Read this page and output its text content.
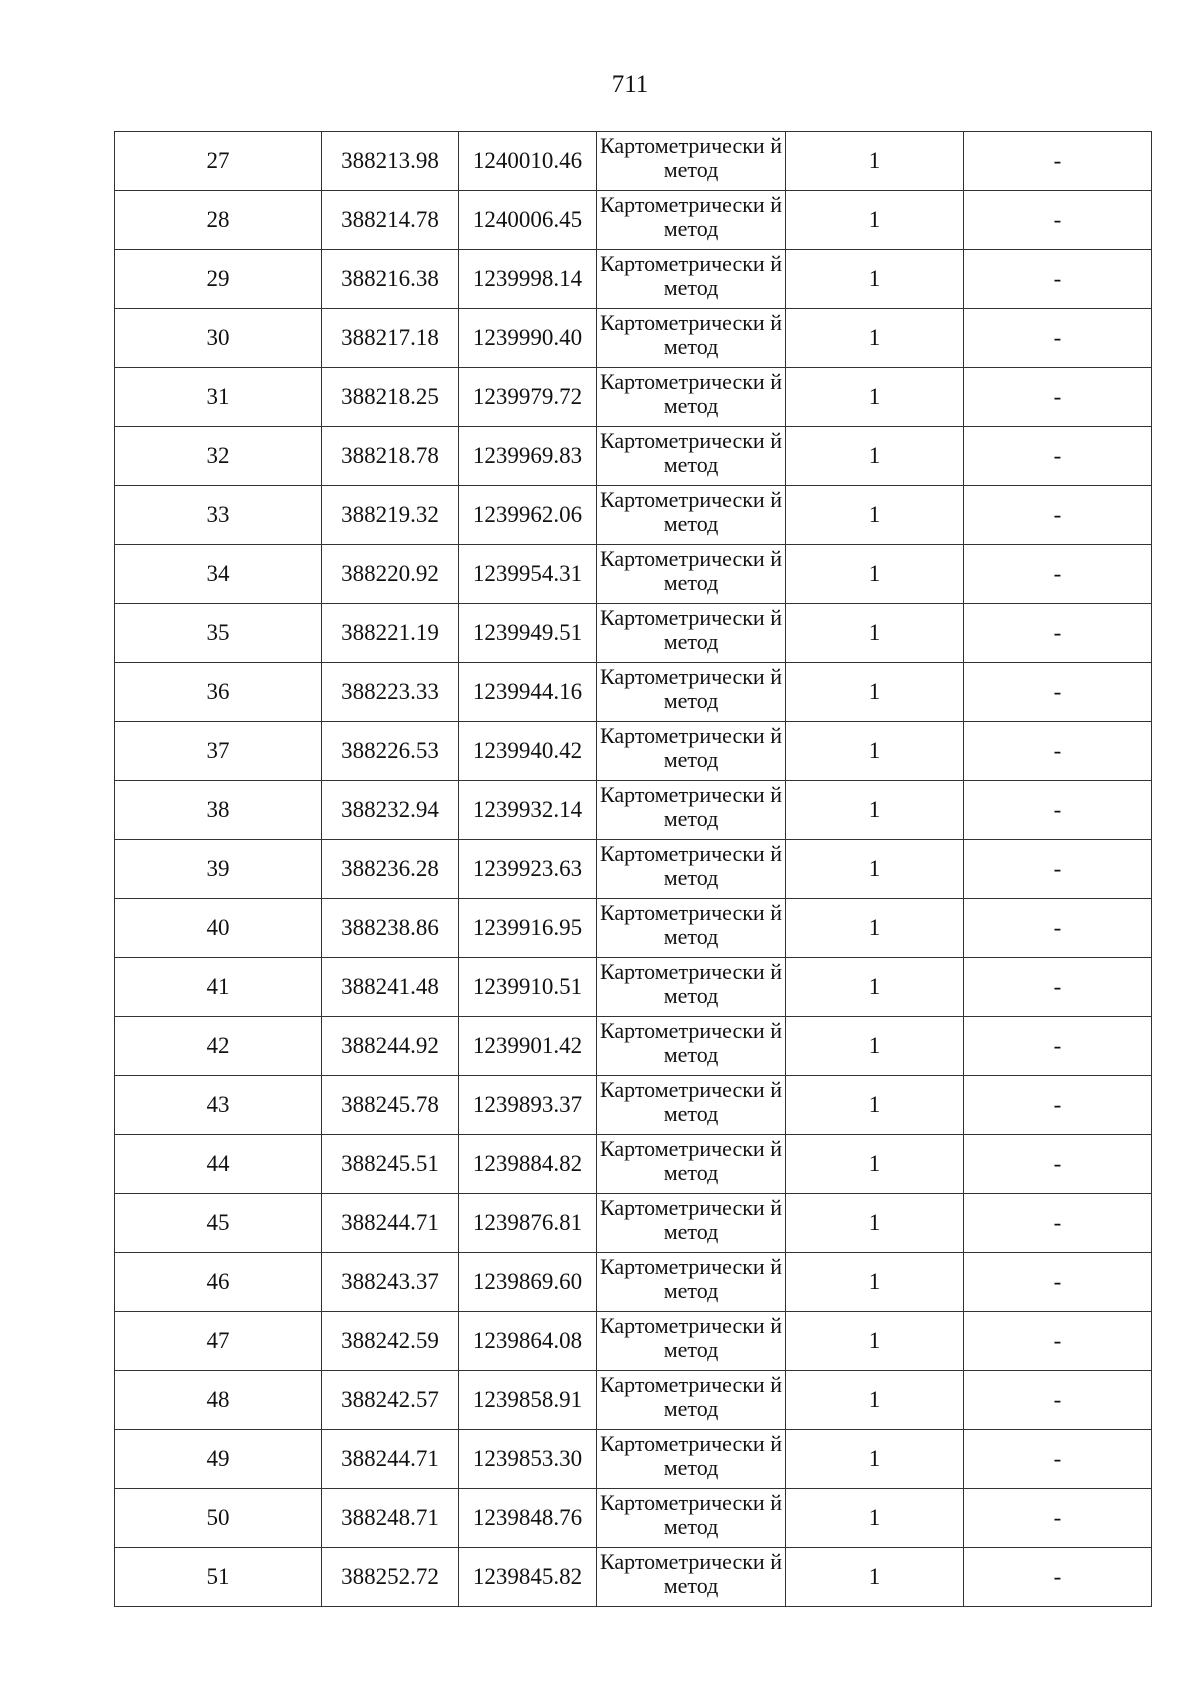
711
27	388213.98	1240010.46	Картометрически й метод	1	-
28	388214.78	1240006.45	Картометрически й метод	1	-
29	388216.38	1239998.14	Картометрически й метод	1	-
30	388217.18	1239990.40	Картометрически й метод	1	-
31	388218.25	1239979.72	Картометрически й метод	1	-
32	388218.78	1239969.83	Картометрически й метод	1	-
33	388219.32	1239962.06	Картометрически й метод	1	-
34	388220.92	1239954.31	Картометрически й метод	1	-
35	388221.19	1239949.51	Картометрически й метод	1	-
36	388223.33	1239944.16	Картометрически й метод	1	-
37	388226.53	1239940.42	Картометрически й метод	1	-
38	388232.94	1239932.14	Картометрически й метод	1	-
39	388236.28	1239923.63	Картометрически й метод	1	-
40	388238.86	1239916.95	Картометрически й метод	1	-
41	388241.48	1239910.51	Картометрически й метод	1	-
42	388244.92	1239901.42	Картометрически й метод	1	-
43	388245.78	1239893.37	Картометрически й метод	1	-
44	388245.51	1239884.82	Картометрически й метод	1	-
45	388244.71	1239876.81	Картометрически й метод	1	-
46	388243.37	1239869.60	Картометрически й метод	1	-
47	388242.59	1239864.08	Картометрически й метод	1	-
48	388242.57	1239858.91	Картометрически й метод	1	-
49	388244.71	1239853.30	Картометрически й метод	1	-
50	388248.71	1239848.76	Картометрически й метод	1	-
51	388252.72	1239845.82	Картометрически й метод	1	-
